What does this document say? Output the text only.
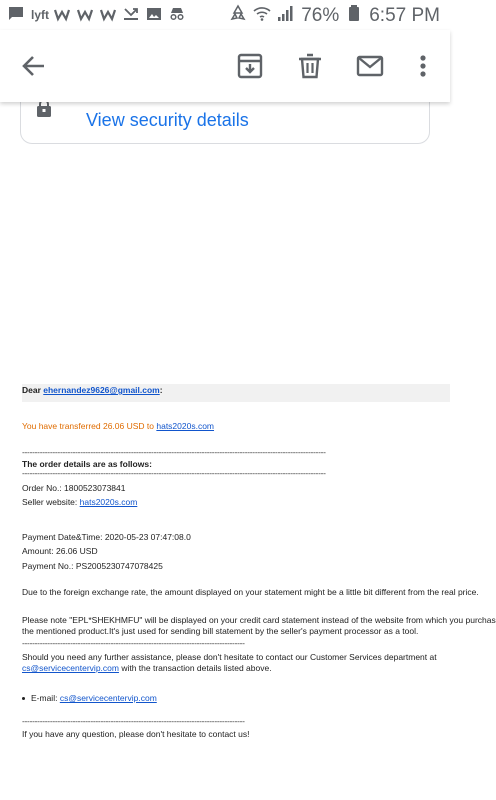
lyft	76% 6:57 PM
View security details
Dear ehernandez9626@gmail.com:
You have transferred 26.06 USD to hats2020s.com
------------------------------------------------------------------------------------------------------------------------
The order details are as follows:
------------------------------------------------------------------------------------------------------------------------
Order No.: 1800523073841
Seller website: hats2020s.com
Payment Date&Time: 2020-05-23 07:47:08.0
Amount: 26.06 USD
Payment No.: PS2005230747078425
Due to the foreign exchange rate, the amount displayed on your statement might be a little bit different from the real price.
Please note "EPL*SHEKHMFU" will be displayed on your credit card statement instead of the website from which you purchas
the mentioned product.It's just used for sending bill statement by the seller's payment processor as a tool.
----------------------------------------------------------------------------------------
Should you need any further assistance, please don't hesitate to contact our Customer Services department at
cs@servicecentervip.com with the transaction details listed above.
E-mail: cs@servicecentervip.com
----------------------------------------------------------------------------------------
If you have any question, please don't hesitate to contact us!
